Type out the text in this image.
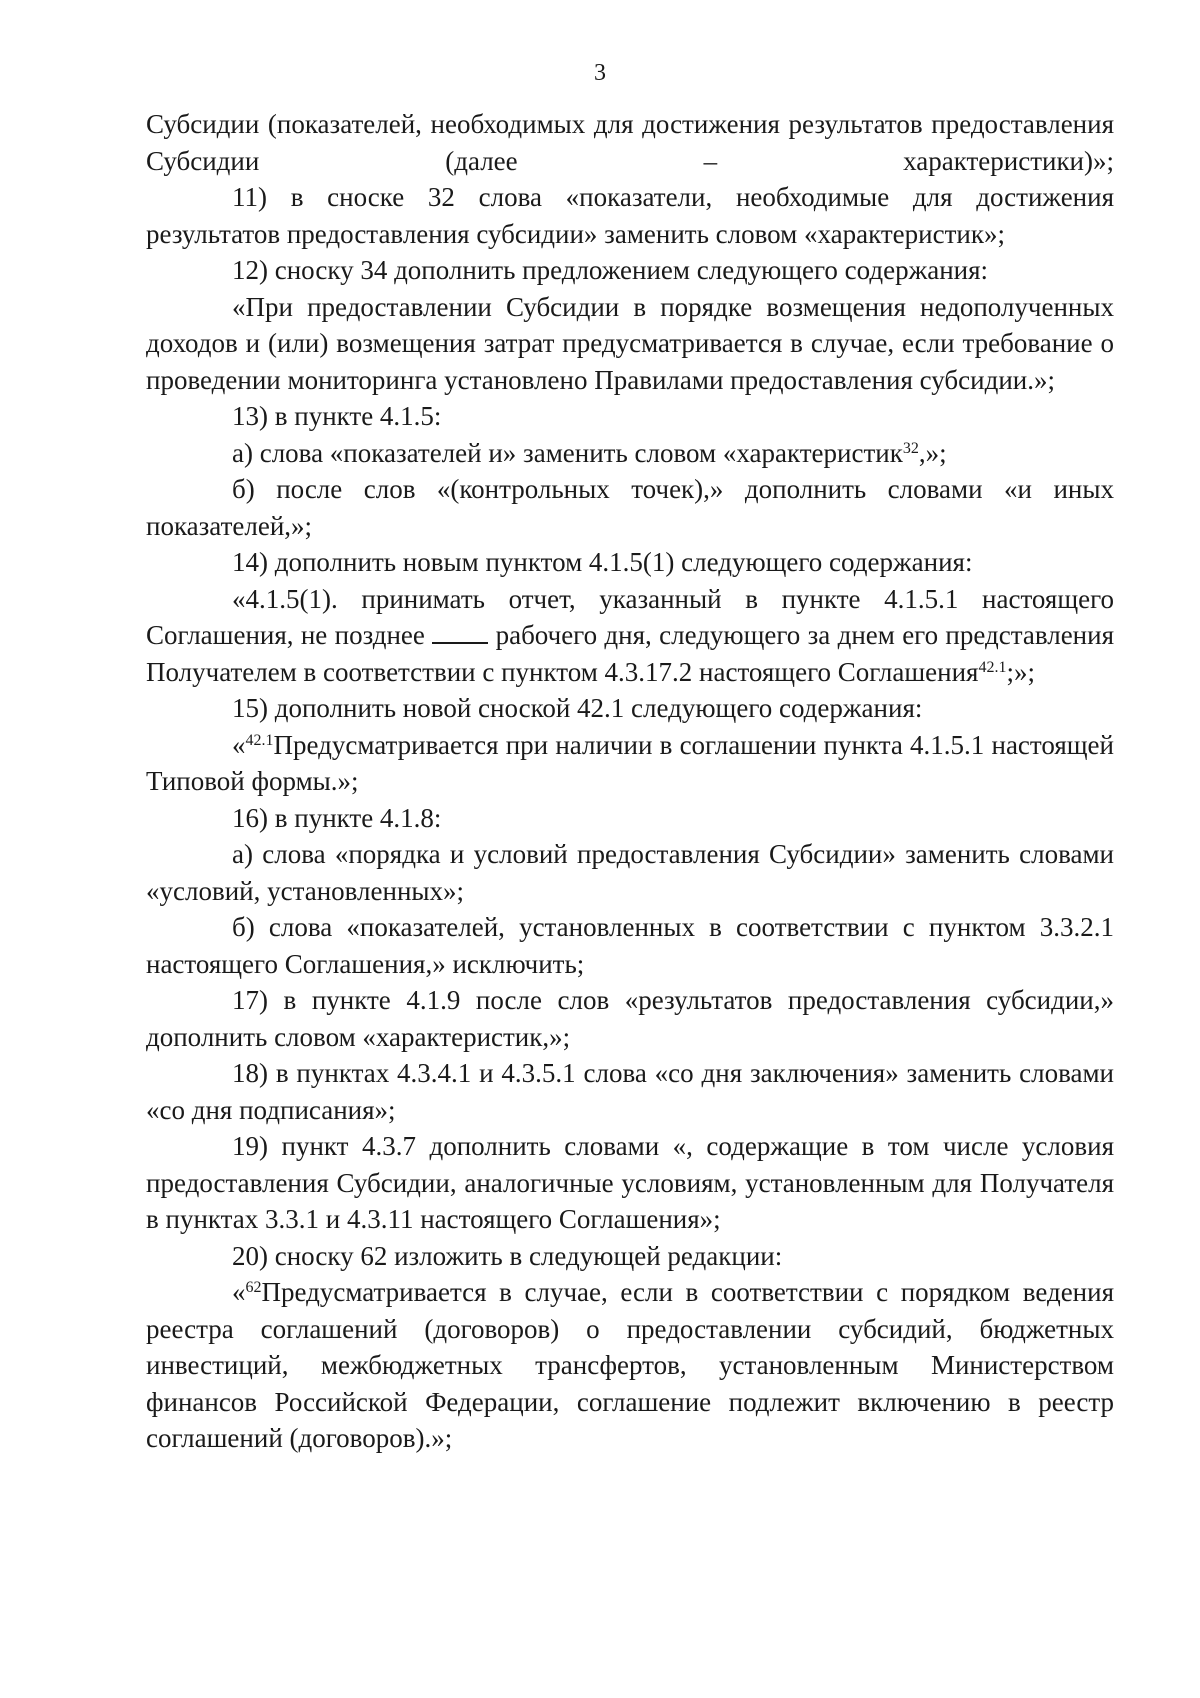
3

Субсидии (показателей, необходимых для достижения результатов предоставления Субсидии (далее – характеристики)»;

11) в сноске 32 слова «показатели, необходимые для достижения результатов предоставления субсидии» заменить словом «характеристик»;

12) сноску 34 дополнить предложением следующего содержания:

«При предоставлении Субсидии в порядке возмещения недополученных доходов и (или) возмещения затрат предусматривается в случае, если требование о проведении мониторинга установлено Правилами предоставления субсидии.»;

13) в пункте 4.1.5:

а) слова «показателей и» заменить словом «характеристик$^{32}$,»;

б) после слов «(контрольных точек),» дополнить словами «и иных показателей,»;

14) дополнить новым пунктом 4.1.5(1) следующего содержания:

«4.1.5(1). принимать отчет, указанный в пункте 4.1.5.1 настоящего Соглашения, не позднее  рабочего дня, следующего за днем его представления Получателем в соответствии с пунктом 4.3.17.2 настоящего Соглашения$^{42.1}$;»;

15) дополнить новой сноской 42.1 следующего содержания:

«$^{42.1}$Предусматривается при наличии в соглашении пункта 4.1.5.1 настоящей Типовой формы.»;

16) в пункте 4.1.8:

а) слова «порядка и условий предоставления Субсидии» заменить словами «условий, установленных»;

б) слова «показателей, установленных в соответствии с пунктом 3.3.2.1 настоящего Соглашения,» исключить;

17) в пункте 4.1.9 после слов «результатов предоставления субсидии,» дополнить словом «характеристик,»;

18) в пунктах 4.3.4.1 и 4.3.5.1 слова «со дня заключения» заменить словами «со дня подписания»;

19) пункт 4.3.7 дополнить словами «, содержащие в том числе условия предоставления Субсидии, аналогичные условиям, установленным для Получателя в пунктах 3.3.1 и 4.3.11 настоящего Соглашения»;

20) сноску 62 изложить в следующей редакции:

«$^{62}$Предусматривается в случае, если в соответствии с порядком ведения реестра соглашений (договоров) о предоставлении субсидий, бюджетных инвестиций, межбюджетных трансфертов, установленным Министерством финансов Российской Федерации, соглашение подлежит включению в реестр соглашений (договоров).»;
